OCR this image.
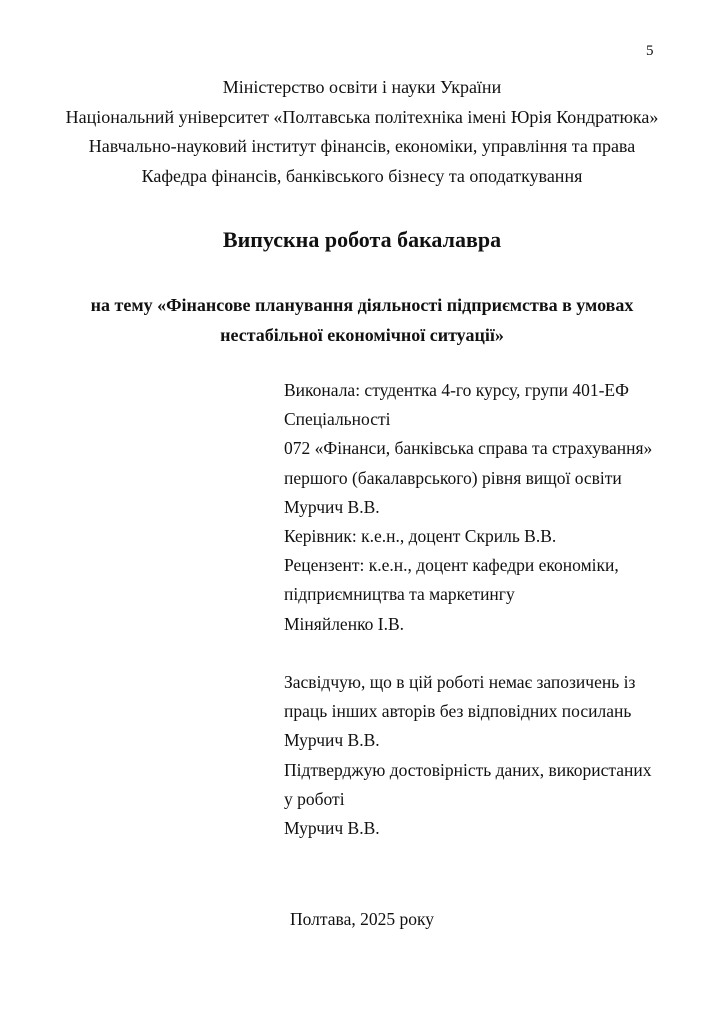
5
Міністерство освіти і науки України
Національний університет «Полтавська політехніка імені Юрія Кондратюка»
Навчально-науковий інститут фінансів, економіки, управління та права
Кафедра фінансів, банківського бізнесу та оподаткування
Випускна робота бакалавра
на тему «Фінансове планування діяльності підприємства в умовах
нестабільної економічної ситуації»
Виконала: студентка 4-го курсу, групи 401-ЕФ
Спеціальності
072 «Фінанси, банківська справа та страхування»
першого (бакалаврського) рівня вищої освіти
Мурчич В.В.
Керівник: к.е.н., доцент Скриль В.В.
Рецензент: к.е.н., доцент кафедри економіки,
підприємництва та маркетингу
Міняйленко І.В.
Засвідчую, що в цій роботі немає запозичень із
праць інших авторів без відповідних посилань
Мурчич В.В.
Підтверджую достовірність даних, використаних
у роботі
Мурчич В.В.
Полтава, 2025 року
